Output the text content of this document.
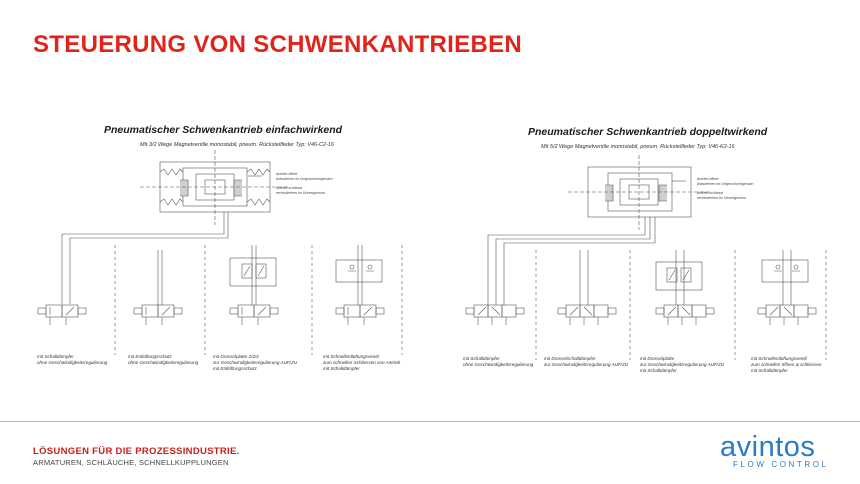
STEUERUNG VON SCHWENKANTRIEBEN
Pneumatischer Schwenkantrieb einfachwirkend
Mit 3/2 Wege Magnetventile monostabil, pneum. Rückstellfeder Typ: V46-C2-16
Antrieb öffnet
linksdrehen im Gegenuhrzeigersinn
Antrieb schliesst
rechtsdrehen im Uhrzeigersinn
mit Schalldämpfer
ohne Geschwindigkeitsregulierung
mit Entlüftungsschutz
ohne Geschwindigkeitsregulierung
mit Drosselplatte 2/2/4
zur Geschwindigkeitsregulierung AUF/ZU
mit Entlüftungsschutz
mit Schnellentlüftungsventil
zum schnellen Schliessen von Antrieb
mit Schalldämpfer
Pneumatischer Schwenkantrieb doppeltwirkend
Mit 5/2 Wege Magnetventile monostabil, pneum. Rückstellfeder Typ: V46-K2-16
Antrieb öffnet
linksdrehen im Gegenuhrzeigersinn
Antrieb schliesst
rechtsdrehen im Uhrzeigersinn
mit Schalldämpfer
ohne Geschwindigkeitsregulierung
mit Drosselschalldämpfer
zur Geschwindigkeitsregulierung AUF/ZU
mit Drosselplatte
zur Geschwindigkeitsregulierung AUF/ZU
mit Schalldämpfer
mit Schnellentlüftungsventil
zum schnellen öffnen & schliessen
mit Schalldämpfer
LÖSUNGEN FÜR DIE PROZESSINDUSTRIE.
ARMATUREN, SCHLÄUCHE, SCHNELLKUPPLUNGEN	avintos
FLOW CONTROL
